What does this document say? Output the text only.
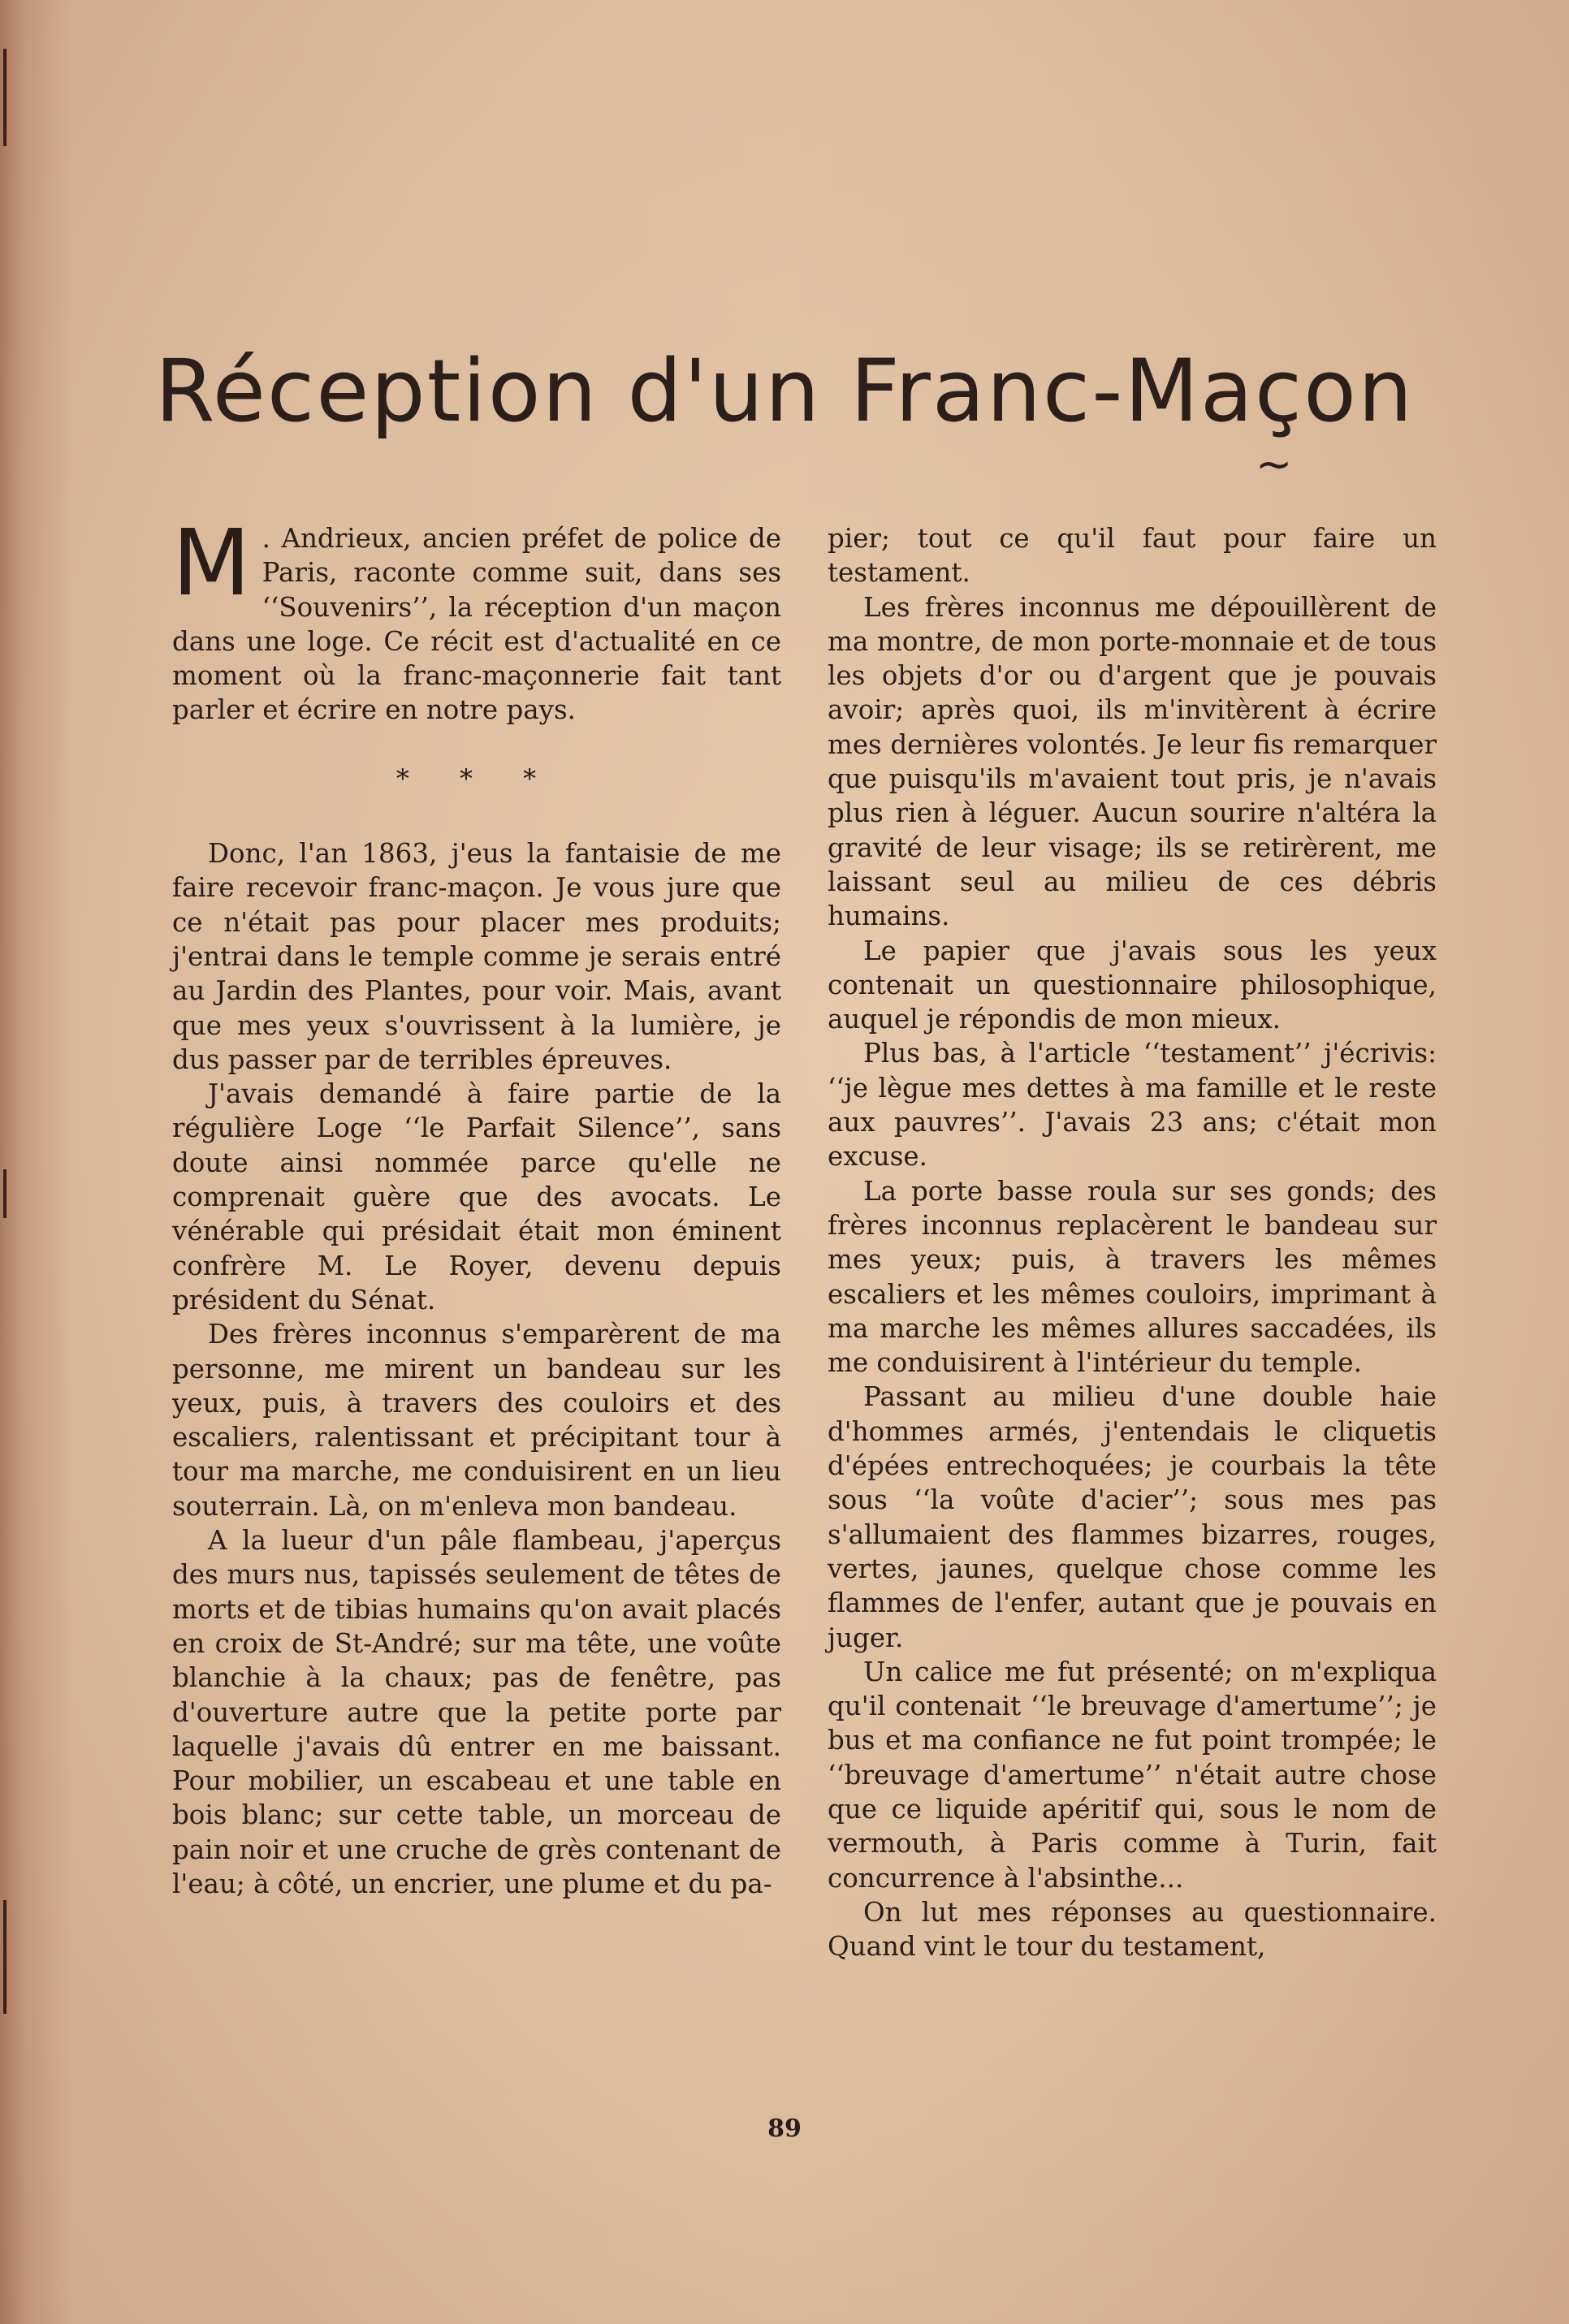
Réception d'un Franc-Maçon
~

M . Andrieux, ancien préfet de police de Paris, raconte comme suit, dans ses ‘‘Souvenirs’’, la réception d'un maçon dans une loge. Ce récit est d'actualité en ce moment où la franc-maçonnerie fait tant parler et écrire en notre pays.

* * *

Donc, l'an 1863, j'eus la fantaisie de me faire recevoir franc-maçon. Je vous jure que ce n'était pas pour placer mes produits; j'entrai dans le temple comme je serais entré au Jardin des Plantes, pour voir. Mais, avant que mes yeux s'ouvrissent à la lumière, je dus passer par de terribles épreuves.

J'avais demandé à faire partie de la régulière Loge ‘‘le Parfait Silence’’, sans doute ainsi nommée parce qu'elle ne comprenait guère que des avocats. Le vénérable qui présidait était mon éminent confrère M. Le Royer, devenu depuis président du Sénat.

Des frères inconnus s'emparèrent de ma personne, me mirent un bandeau sur les yeux, puis, à travers des couloirs et des escaliers, ralentissant et précipitant tour à tour ma marche, me conduisirent en un lieu souterrain. Là, on m'enleva mon bandeau.

A la lueur d'un pâle flambeau, j'aperçus des murs nus, tapissés seulement de têtes de morts et de tibias humains qu'on avait placés en croix de St-André; sur ma tête, une voûte blanchie à la chaux; pas de fenêtre, pas d'ouverture autre que la petite porte par laquelle j'avais dû entrer en me baissant. Pour mobilier, un escabeau et une table en bois blanc; sur cette table, un morceau de pain noir et une cruche de grès contenant de l'eau; à côté, un encrier, une plume et du pa-

pier; tout ce qu'il faut pour faire un testament.

Les frères inconnus me dépouillèrent de ma montre, de mon porte-monnaie et de tous les objets d'or ou d'argent que je pouvais avoir; après quoi, ils m'invitèrent à écrire mes dernières volontés. Je leur fis remarquer que puisqu'ils m'avaient tout pris, je n'avais plus rien à léguer. Aucun sourire n'altéra la gravité de leur visage; ils se retirèrent, me laissant seul au milieu de ces débris humains.

Le papier que j'avais sous les yeux contenait un questionnaire philosophique, auquel je répondis de mon mieux.

Plus bas, à l'article ‘‘testament’’ j'écrivis: ‘‘je lègue mes dettes à ma famille et le reste aux pauvres’’. J'avais 23 ans; c'était mon excuse.

La porte basse roula sur ses gonds; des frères inconnus replacèrent le bandeau sur mes yeux; puis, à travers les mêmes escaliers et les mêmes couloirs, imprimant à ma marche les mêmes allures saccadées, ils me conduisirent à l'intérieur du temple.

Passant au milieu d'une double haie d'hommes armés, j'entendais le cliquetis d'épées entrechoquées; je courbais la tête sous ‘‘la voûte d'acier’’; sous mes pas s'allumaient des flammes bizarres, rouges, vertes, jaunes, quelque chose comme les flammes de l'enfer, autant que je pouvais en juger.

Un calice me fut présenté; on m'expliqua qu'il contenait ‘‘le breuvage d'amertume’’; je bus et ma confiance ne fut point trompée; le ‘‘breuvage d'amertume’’ n'était autre chose que ce liquide apéritif qui, sous le nom de vermouth, à Paris comme à Turin, fait concurrence à l'absinthe...

On lut mes réponses au questionnaire. Quand vint le tour du testament,

89
